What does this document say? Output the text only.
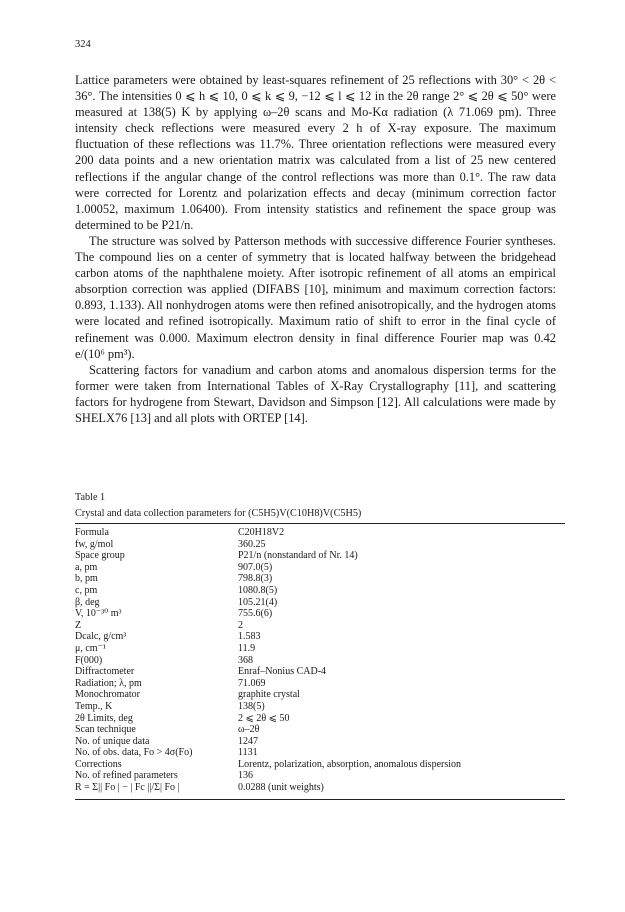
324

Lattice parameters were obtained by least-squares refinement of 25 reflections with 30° < 2θ < 36°. The intensities 0 ⩽ h ⩽ 10, 0 ⩽ k ⩽ 9, −12 ⩽ l ⩽ 12 in the 2θ range 2° ⩽ 2θ ⩽ 50° were measured at 138(5) K by applying ω–2θ scans and Mo-Kα radiation (λ 71.069 pm). Three intensity check reflections were measured every 2 h of X-ray exposure. The maximum fluctuation of these reflections was 11.7%. Three orientation reflections were measured every 200 data points and a new orientation matrix was calculated from a list of 25 new centered reflections if the angular change of the control reflections was more than 0.1°. The raw data were corrected for Lorentz and polarization effects and decay (minimum correction factor 1.00052, maximum 1.06400). From intensity statistics and refinement the space group was determined to be P21/n.

The structure was solved by Patterson methods with successive difference Fourier syntheses. The compound lies on a center of symmetry that is located halfway between the bridgehead carbon atoms of the naphthalene moiety. After isotropic refinement of all atoms an empirical absorption correction was applied (DIFABS [10], minimum and maximum correction factors: 0.893, 1.133). All nonhydrogen atoms were then refined anisotropically, and the hydrogen atoms were located and refined isotropically. Maximum ratio of shift to error in the final cycle of refinement was 0.000. Maximum electron density in final difference Fourier map was 0.42 e/(10⁶ pm³).

Scattering factors for vanadium and carbon atoms and anomalous dispersion terms for the former were taken from International Tables of X-Ray Crystallography [11], and scattering factors for hydrogene from Stewart, Davidson and Simpson [12]. All calculations were made by SHELX76 [13] and all plots with ORTEP [14].

Table 1
Crystal and data collection parameters for (C5H5)V(C10H8)V(C5H5)
Formula	C20H18V2
fw, g/mol	360.25
Space group	P21/n (nonstandard of Nr. 14)
a, pm	907.0(5)
b, pm	798.8(3)
c, pm	1080.8(5)
β, deg	105.21(4)
V, 10⁻³⁰ m³	755.6(6)
Z	2
Dcalc, g/cm³	1.583
μ, cm⁻¹	11.9
F(000)	368
Diffractometer	Enraf–Nonius CAD-4
Radiation; λ, pm	71.069
Monochromator	graphite crystal
Temp., K	138(5)
2θ Limits, deg	2 ⩽ 2θ ⩽ 50
Scan technique	ω–2θ
No. of unique data	1247
No. of obs. data, Fo > 4σ(Fo)	1131
Corrections	Lorentz, polarization, absorption, anomalous dispersion
No. of refined parameters	136
R = Σ|| Fo | − | Fc ||/Σ| Fo |	0.0288 (unit weights)
